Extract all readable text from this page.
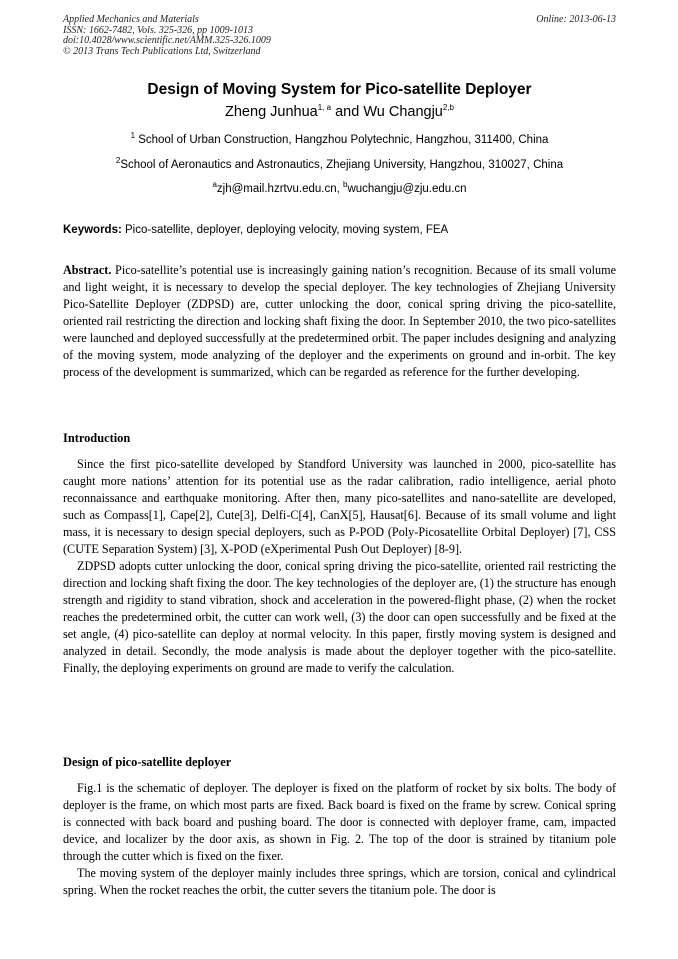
Applied Mechanics and Materials
ISSN: 1662-7482, Vols. 325-326, pp 1009-1013
doi:10.4028/www.scientific.net/AMM.325-326.1009
© 2013 Trans Tech Publications Ltd, Switzerland
Online: 2013-06-13
Design of Moving System for Pico-satellite Deployer
Zheng Junhua$^{1, a}$ and Wu Changju$^{2,b}$
$^1$ School of Urban Construction, Hangzhou Polytechnic, Hangzhou, 311400, China
$^2$School of Aeronautics and Astronautics, Zhejiang University, Hangzhou, 310027, China
$^a$zjh@mail.hzrtvu.edu.cn, $^b$wuchangju@zju.edu.cn
Keywords: Pico-satellite, deployer, deploying velocity, moving system, FEA

Abstract. Pico-satellite’s potential use is increasingly gaining nation’s recognition. Because of its small volume and light weight, it is necessary to develop the special deployer. The key technologies of Zhejiang University Pico-Satellite Deployer (ZDPSD) are, cutter unlocking the door, conical spring driving the pico-satellite, oriented rail restricting the direction and locking shaft fixing the door. In September 2010, the two pico-satellites were launched and deployed successfully at the predetermined orbit. The paper includes designing and analyzing of the moving system, mode analyzing of the deployer and the experiments on ground and in-orbit. The key process of the development is summarized, which can be regarded as reference for the further developing.

Introduction

Since the first pico-satellite developed by Standford University was launched in 2000, pico-satellite has caught more nations’ attention for its potential use as the radar calibration, radio intelligence, aerial photo reconnaissance and earthquake monitoring. After then, many pico-satellites and nano-satellite are developed, such as Compass[1], Cape[2], Cute[3], Delfi-C[4], CanX[5], Hausat[6]. Because of its small volume and light mass, it is necessary to design special deployers, such as P-POD (Poly-Picosatellite Orbital Deployer) [7], CSS (CUTE Separation System) [3], X-POD (eXperimental Push Out Deployer) [8-9].

ZDPSD adopts cutter unlocking the door, conical spring driving the pico-satellite, oriented rail restricting the direction and locking shaft fixing the door. The key technologies of the deployer are, (1) the structure has enough strength and rigidity to stand vibration, shock and acceleration in the powered-flight phase, (2) when the rocket reaches the predetermined orbit, the cutter can work well, (3) the door can open successfully and be fixed at the set angle, (4) pico-satellite can deploy at normal velocity. In this paper, firstly moving system is designed and analyzed in detail. Secondly, the mode analysis is made about the deployer together with the pico-satellite. Finally, the deploying experiments on ground are made to verify the calculation.

Design of pico-satellite deployer

Fig.1 is the schematic of deployer. The deployer is fixed on the platform of rocket by six bolts. The body of deployer is the frame, on which most parts are fixed. Back board is fixed on the frame by screw. Conical spring is connected with back board and pushing board. The door is connected with deployer frame, cam, impacted device, and localizer by the door axis, as shown in Fig. 2. The top of the door is strained by titanium pole through the cutter which is fixed on the fixer.

The moving system of the deployer mainly includes three springs, which are torsion, conical and cylindrical spring. When the rocket reaches the orbit, the cutter severs the titanium pole. The door is
